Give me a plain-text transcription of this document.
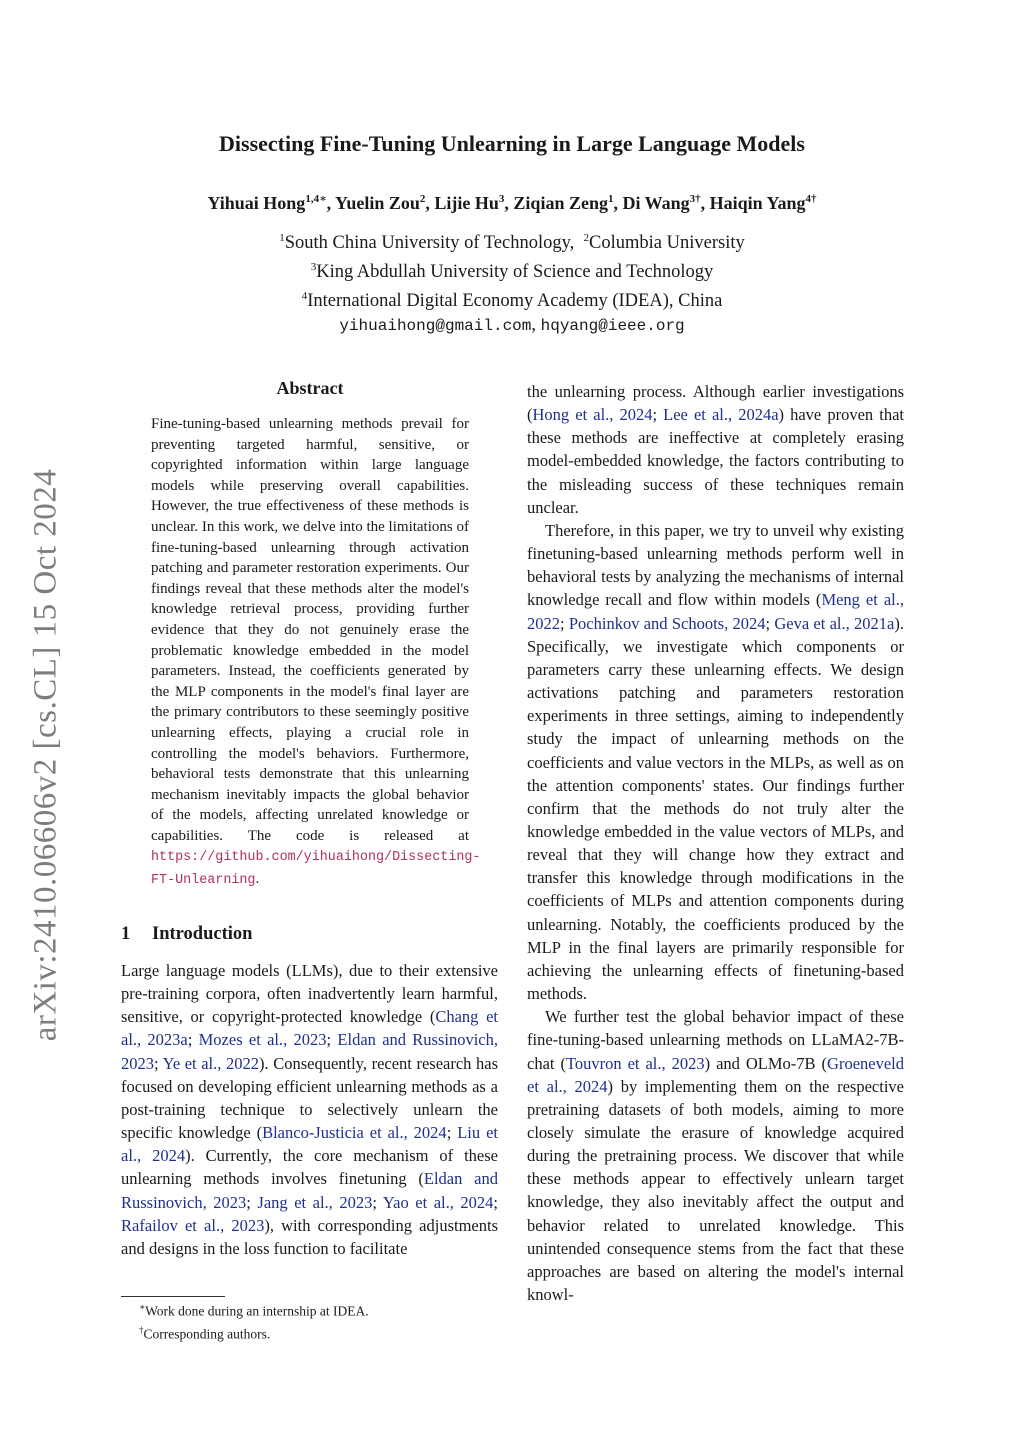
arXiv:2410.06606v2 [cs.CL] 15 Oct 2024
Dissecting Fine-Tuning Unlearning in Large Language Models
Yihuai Hong$^{1,4∗}$, Yuelin Zou$^2$, Lijie Hu$^3$, Ziqian Zeng$^1$, Di Wang$^{3\dagger}$, Haiqin Yang$^{4\dagger}$
$^1$South China University of Technology, $^2$Columbia University
$^3$King Abdullah University of Science and Technology
$^4$International Digital Economy Academy (IDEA), China
yihuaihong@gmail.com, hqyang@ieee.org
Abstract

Fine-tuning-based unlearning methods prevail for preventing targeted harmful, sensitive, or copyrighted information within large language models while preserving overall capabilities. However, the true effectiveness of these methods is unclear. In this work, we delve into the limitations of fine-tuning-based unlearning through activation patching and parameter restoration experiments. Our findings reveal that these methods alter the model's knowledge retrieval process, providing further evidence that they do not genuinely erase the problematic knowledge embedded in the model parameters. Instead, the coefficients generated by the MLP components in the model's final layer are the primary contributors to these seemingly positive unlearning effects, playing a crucial role in controlling the model's behaviors. Furthermore, behavioral tests demonstrate that this unlearning mechanism inevitably impacts the global behavior of the models, affecting unrelated knowledge or capabilities. The code is released at https://github.com/yihuaihong/Dissecting-FT-Unlearning.

1 Introduction

Large language models (LLMs), due to their extensive pre-training corpora, often inadvertently learn harmful, sensitive, or copyright-protected knowledge (Chang et al., 2023a; Mozes et al., 2023; Eldan and Russinovich, 2023; Ye et al., 2022). Consequently, recent research has focused on developing efficient unlearning methods as a post-training technique to selectively unlearn the specific knowledge (Blanco-Justicia et al., 2024; Liu et al., 2024). Currently, the core mechanism of these unlearning methods involves finetuning (Eldan and Russinovich, 2023; Jang et al., 2023; Yao et al., 2024; Rafailov et al., 2023), with corresponding adjustments and designs in the loss function to facilitate

the unlearning process. Although earlier investigations (Hong et al., 2024; Lee et al., 2024a) have proven that these methods are ineffective at completely erasing model-embedded knowledge, the factors contributing to the misleading success of these techniques remain unclear.

Therefore, in this paper, we try to unveil why existing finetuning-based unlearning methods perform well in behavioral tests by analyzing the mechanisms of internal knowledge recall and flow within models (Meng et al., 2022; Pochinkov and Schoots, 2024; Geva et al., 2021a). Specifically, we investigate which components or parameters carry these unlearning effects. We design activations patching and parameters restoration experiments in three settings, aiming to independently study the impact of unlearning methods on the coefficients and value vectors in the MLPs, as well as on the attention components' states. Our findings further confirm that the methods do not truly alter the knowledge embedded in the value vectors of MLPs, and reveal that they will change how they extract and transfer this knowledge through modifications in the coefficients of MLPs and attention components during unlearning. Notably, the coefficients produced by the MLP in the final layers are primarily responsible for achieving the unlearning effects of finetuning-based methods.

We further test the global behavior impact of these fine-tuning-based unlearning methods on LLaMA2-7B-chat (Touvron et al., 2023) and OLMo-7B (Groeneveld et al., 2024) by implementing them on the respective pretraining datasets of both models, aiming to more closely simulate the erasure of knowledge acquired during the pretraining process. We discover that while these methods appear to effectively unlearn target knowledge, they also inevitably affect the output and behavior related to unrelated knowledge. This unintended consequence stems from the fact that these approaches are based on altering the model's internal knowl-

∗Work done during an internship at IDEA.
†Corresponding authors.
